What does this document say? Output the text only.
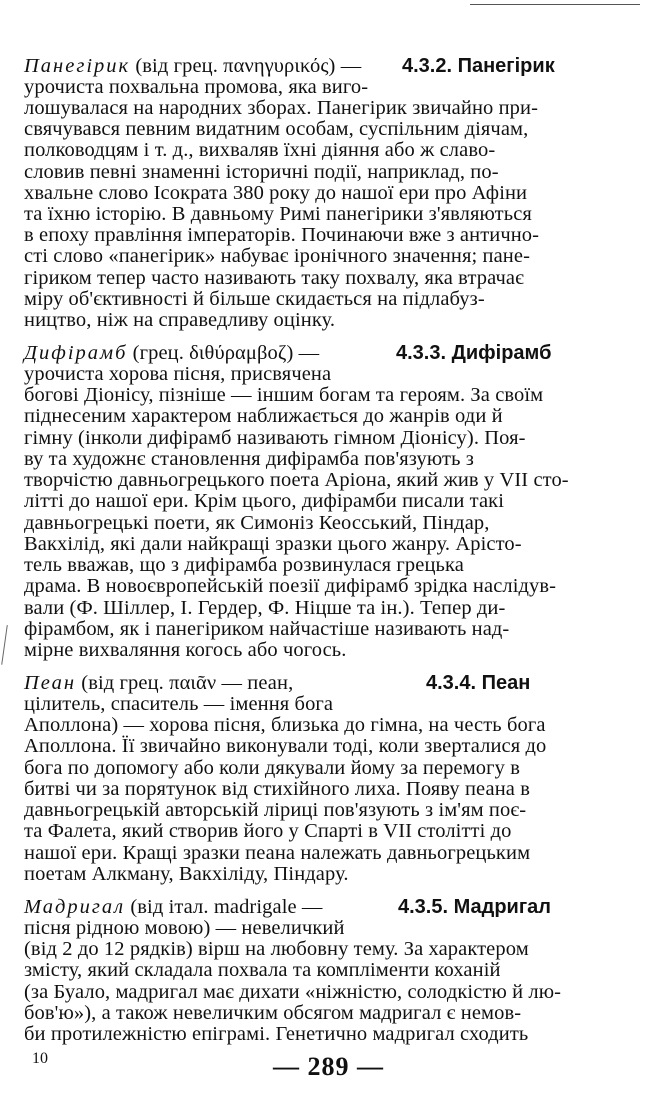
Панегірик (від грец. πανηγυρικός) — 4.3.2. Панегірик
урочиста похвальна промова, яка виго-
лошувалася на народних зборах. Панегірик звичайно при-
свячувався певним видатним особам, суспільним діячам,
полководцям і т. д., вихваляв їхні діяння або ж славо-
словив певні знаменні історичні події, наприклад, по-
хвальне слово Ісократа 380 року до нашої ери про Афіни
та їхню історію. В давньому Римі панегірики з'являються
в епоху правління імператорів. Починаючи вже з антично-
сті слово «панегірик» набуває іронічного значення; пане-
гіриком тепер часто називають таку похвалу, яка втрачає
міру об'єктивності й більше скидається на підлабуз-
ництво, ніж на справедливу оцінку.
Дифірамб (грец. διθύραμβοζ) —	4.3.3. Дифірамб
урочиста хорова пісня, присвячена
богові Діонісу, пізніше — іншим богам та героям. За своїм
піднесеним характером наближається до жанрів оди й
гімну (інколи дифірамб називають гімном Діонісу). Поя-
ву та художнє становлення дифірамба пов'язують з
творчістю давньогрецького поета Аріона, який жив у VII сто-
літті до нашої ери. Крім цього, дифірамби писали такі
давньогрецькі поети, як Симоніз Кеосський, Піндар,
Вакхілід, які дали найкращі зразки цього жанру. Арісто-
тель вважав, що з дифірамба розвинулася грецька
драма. В новоєвропейській поезії дифірамб зрідка наслідув-
вали (Ф. Шіллер, І. Гердер, Ф. Ніцше та ін.). Тепер ди-
фірамбом, як і панегіриком найчастіше називають над-
мірне вихваляння когось або чогось.
Пеан (від грец. παιᾶν — пеан,	4.3.4. Пеан
цілитель, спаситель — імення бога
Аполлона) — хорова пісня, близька до гімна, на честь бога
Аполлона. Її звичайно виконували тоді, коли зверталися до
бога по допомогу або коли дякували йому за перемогу в
битві чи за порятунок від стихійного лиха. Появу пеана в
давньогрецькій авторській ліриці пов'язують з ім'ям поє-
та Фалета, який створив його у Спарті в VII столітті до
нашої ери. Кращі зразки пеана належать давньогрецьким
поетам Алкману, Вакхіліду, Піндару.
Мадригал (від італ. madrigale —	4.3.5. Мадригал
пісня рідною мовою) — невеличкий
(від 2 до 12 рядків) вірш на любовну тему. За характером
змісту, який складала похвала та компліменти коханій
(за Буало, мадригал має дихати «ніжністю, солодкістю й лю-
бов'ю»), а також невеличким обсягом мадригал є немов-
би протилежністю епіграмі. Генетично мадригал сходить
10	— 289 —
